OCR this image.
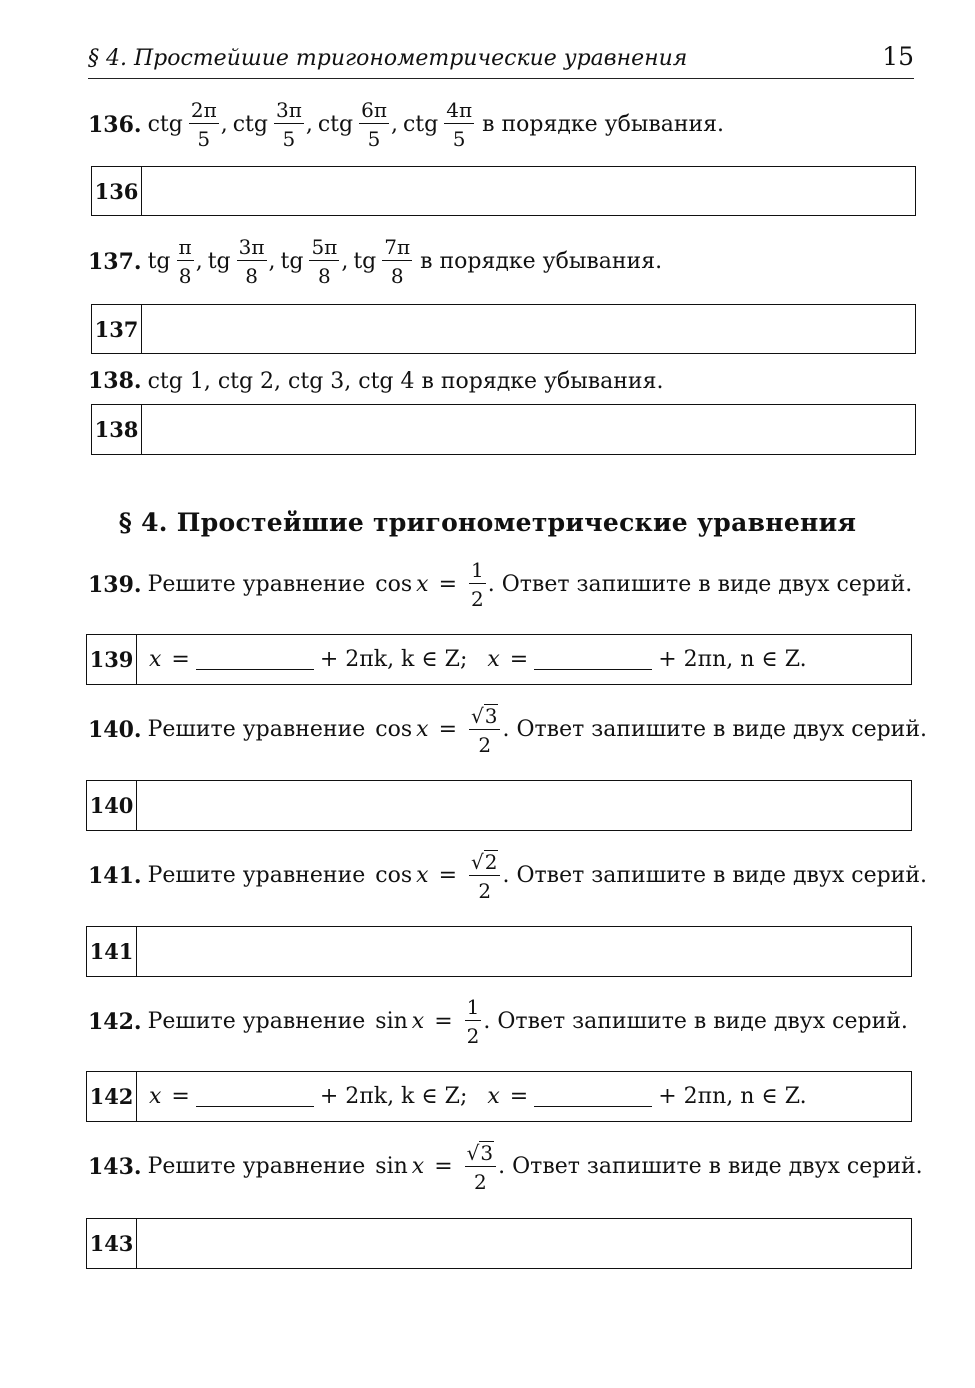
§ 4. Простейшие тригонометрические уравнения	15
136. ctg $\frac{2\pi}{5}$ , ctg $\frac{3\pi}{5}$ , ctg $\frac{6\pi}{5}$ , ctg $\frac{4\pi}{5}$ в порядке убывания.
136
137. tg $\frac{\pi}{8}$ , tg $\frac{3\pi}{8}$ , tg $\frac{5\pi}{8}$ , tg $\frac{7\pi}{8}$ в порядке убывания.
137
138. ctg 1, ctg 2, ctg 3, ctg 4 в порядке убывания.
138
§ 4. Простейшие тригонометрические уравнения
139. Решите уравнение $\cos x = \frac{1}{2}$ . Ответ запишите в виде двух серий.
139 x =	+ 2πk, k ∈ Z; x =	+ 2πn, n ∈ Z.
140. Решите уравнение $\cos x = \frac{√ 3}{2}$ . Ответ запишите в виде двух серий.
140
141. Решите уравнение $\cos x = \frac{√ 2}{2}$ . Ответ запишите в виде двух серий.
141
142. Решите уравнение $\sin x = \frac{1}{2}$ . Ответ запишите в виде двух серий.
142 x =	+ 2πk, k ∈ Z; x =	+ 2πn, n ∈ Z.
143. Решите уравнение $\sin x = \frac{√ 3}{2}$ . Ответ запишите в виде двух серий.
143
